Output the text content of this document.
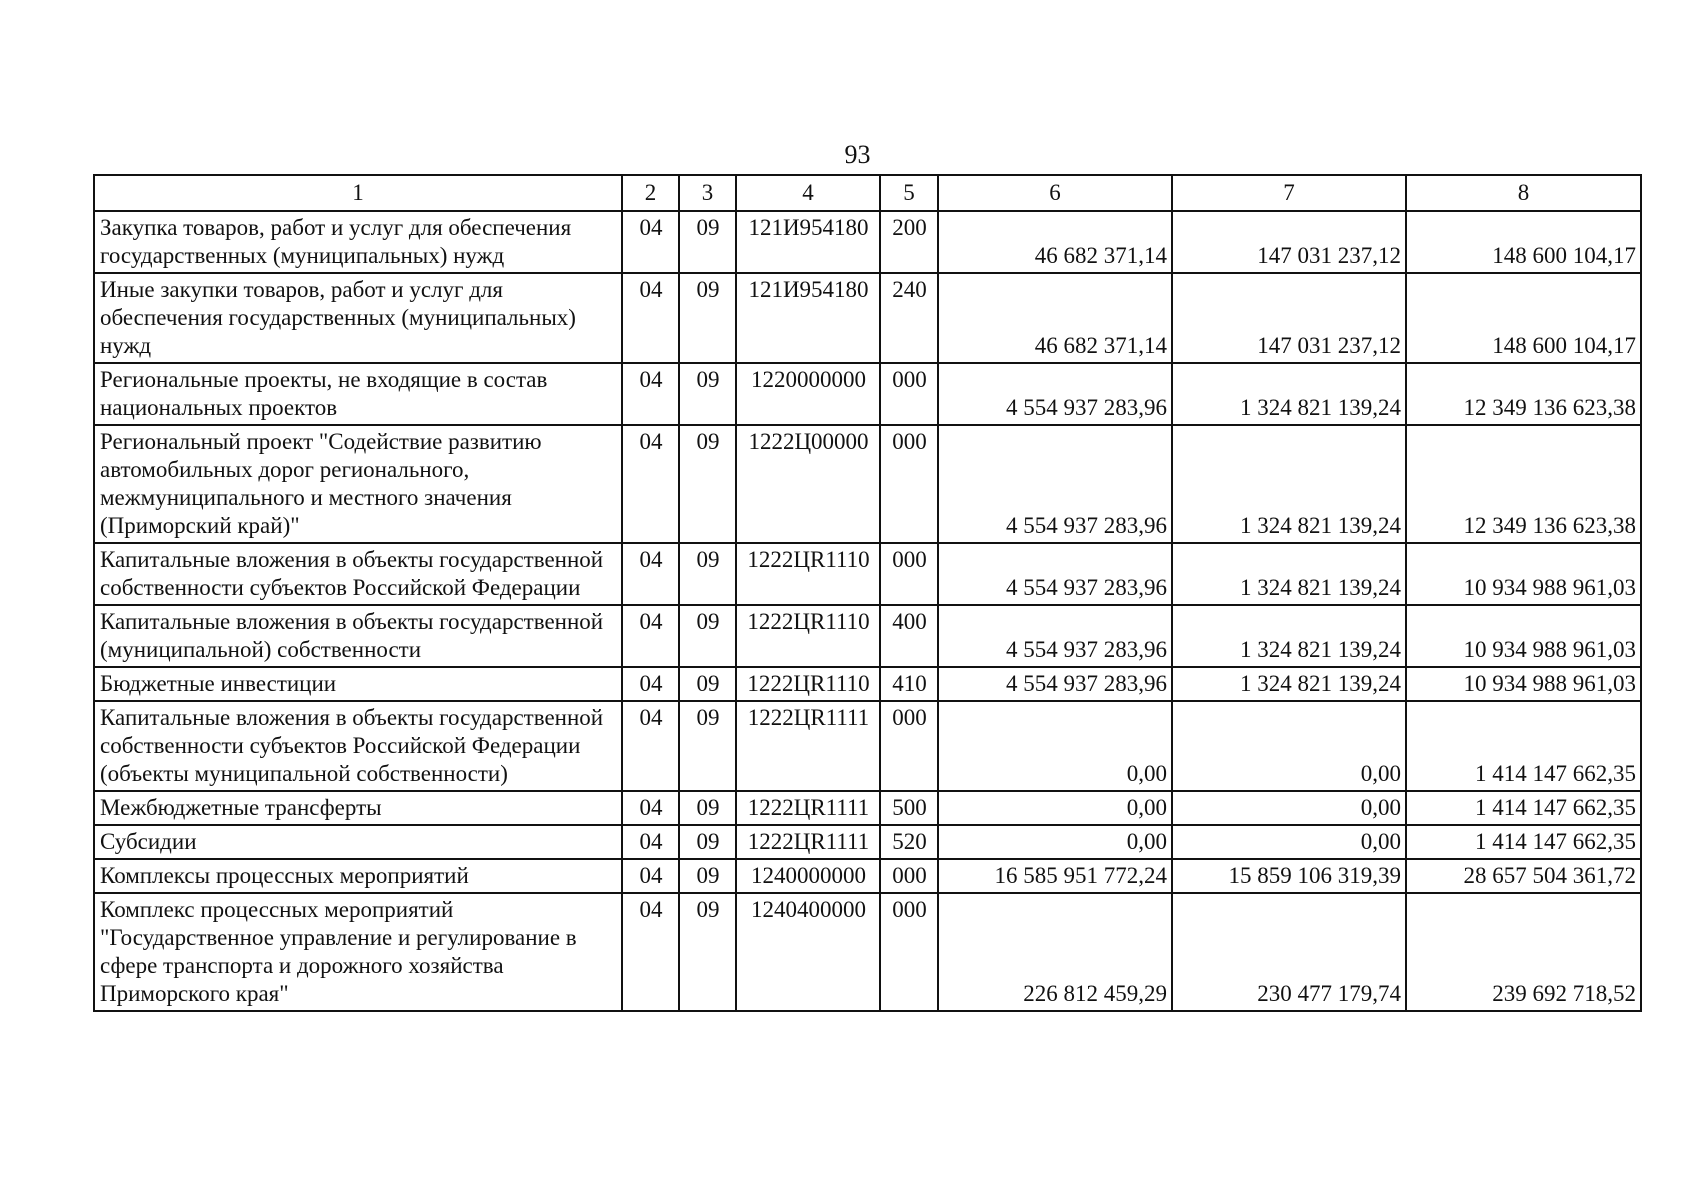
93
1	2	3	4	5	6	7	8
Закупка товаров, работ и услуг для обеспечения государственных (муниципальных) нужд	04	09	121И954180	200	46 682 371,14	147 031 237,12	148 600 104,17
Иные закупки товаров, работ и услуг для обеспечения государственных (муниципальных) нужд	04	09	121И954180	240	46 682 371,14	147 031 237,12	148 600 104,17
Региональные проекты, не входящие в состав национальных проектов	04	09	1220000000	000	4 554 937 283,96	1 324 821 139,24	12 349 136 623,38
Региональный проект "Содействие развитию автомобильных дорог регионального, межмуниципального и местного значения (Приморский край)"	04	09	1222Ц00000	000	4 554 937 283,96	1 324 821 139,24	12 349 136 623,38
Капитальные вложения в объекты государственной собственности субъектов Российской Федерации	04	09	1222ЦR1110	000	4 554 937 283,96	1 324 821 139,24	10 934 988 961,03
Капитальные вложения в объекты государственной (муниципальной) собственности	04	09	1222ЦR1110	400	4 554 937 283,96	1 324 821 139,24	10 934 988 961,03
Бюджетные инвестиции	04	09	1222ЦR1110	410	4 554 937 283,96	1 324 821 139,24	10 934 988 961,03
Капитальные вложения в объекты государственной собственности субъектов Российской Федерации (объекты муниципальной собственности)	04	09	1222ЦR1111	000	0,00	0,00	1 414 147 662,35
Межбюджетные трансферты	04	09	1222ЦR1111	500	0,00	0,00	1 414 147 662,35
Субсидии	04	09	1222ЦR1111	520	0,00	0,00	1 414 147 662,35
Комплексы процессных мероприятий	04	09	1240000000	000	16 585 951 772,24	15 859 106 319,39	28 657 504 361,72
Комплекс процессных мероприятий "Государственное управление и регулирование в сфере транспорта и дорожного хозяйства Приморского края"	04	09	1240400000	000	226 812 459,29	230 477 179,74	239 692 718,52
